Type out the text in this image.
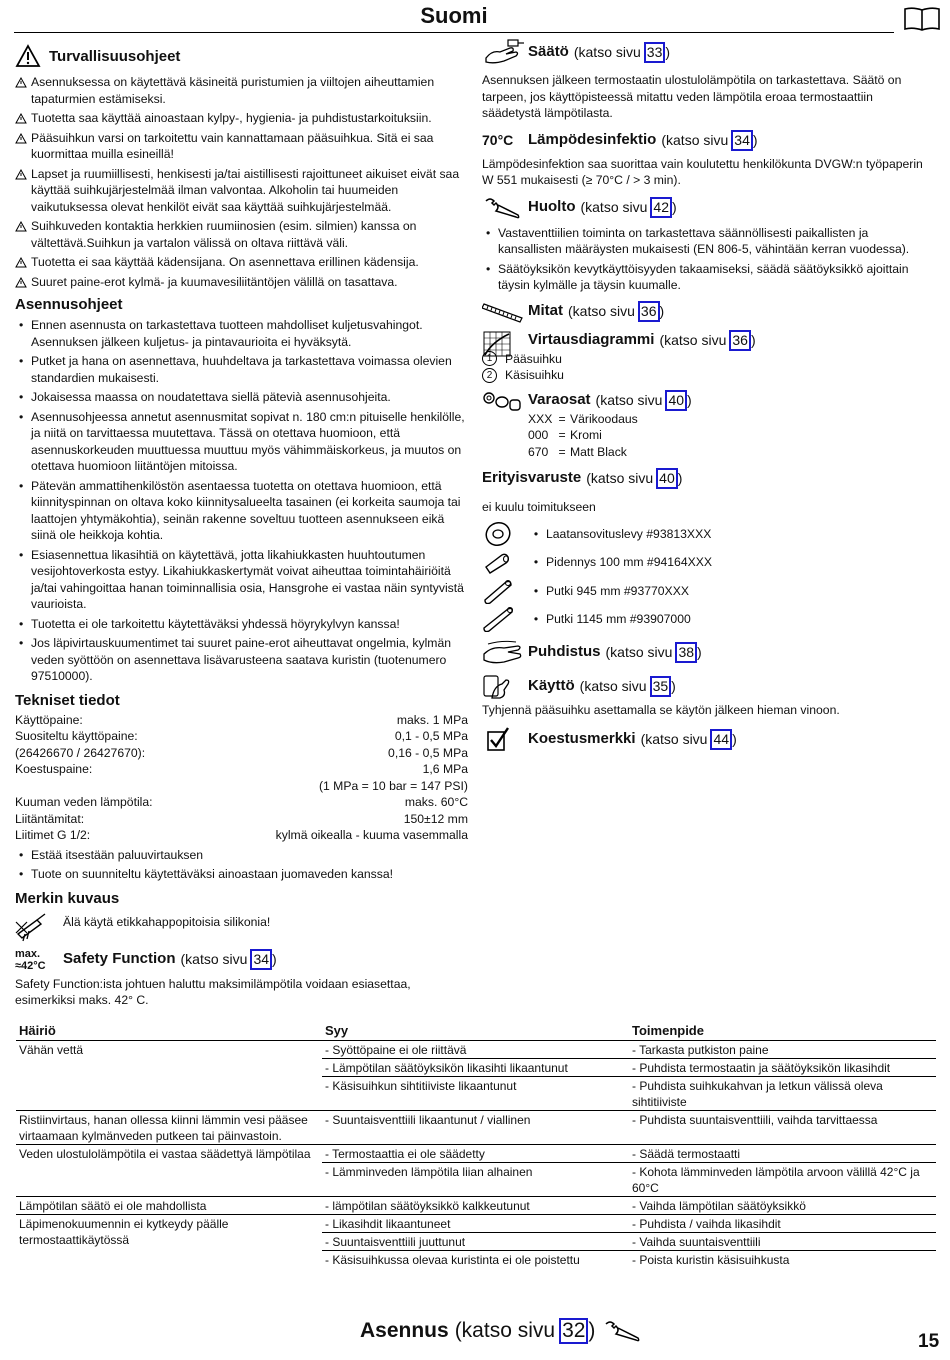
Suomi
Turvallisuusohjeet
Asennuksessa on käytettävä käsineitä puristumien ja viiltojen aiheuttamien tapaturmien estämiseksi.
Tuotetta saa käyttää ainoastaan kylpy-, hygienia- ja puhdistustarkoituksiin.
Pääsuihkun varsi on tarkoitettu vain kannattamaan pääsuihkua. Sitä ei saa kuormittaa muilla esineillä!
Lapset ja ruumiillisesti, henkisesti ja/tai aistillisesti rajoittuneet aikuiset eivät saa käyttää suihkujärjestelmää ilman valvontaa. Alkoholin tai huumeiden vaikutuksessa olevat henkilöt eivät saa käyttää suihkujärjestelmää.
Suihkuveden kontaktia herkkien ruumiinosien (esim. silmien) kanssa on vältettävä.Suihkun ja vartalon välissä on oltava riittävä väli.
Tuotetta ei saa käyttää kädensijana. On asennettava erillinen kädensija.
Suuret paine-erot kylmä- ja kuumavesiliitäntöjen välillä on tasattava.
Asennusohjeet
• Ennen asennusta on tarkastettava tuotteen mahdolliset kuljetusvahingot. Asennuksen jälkeen kuljetus- ja pintavaurioita ei hyväksytä.
• Putket ja hana on asennettava, huuhdeltava ja tarkastettava voimassa olevien standardien mukaisesti.
• Jokaisessa maassa on noudatettava siellä pätevià asennusohjeita.
• Asennusohjeessa annetut asennusmitat sopivat n. 180 cm:n pituiselle henkilölle, ja niitä on tarvittaessa muutettava. Tässä on otettava huomioon, että asennuskorkeuden muuttuessa muuttuu myös vähimmäiskorkeus, ja muutos on otettava huomioon liitäntöjen mitoissa.
• Pätevän ammattihenkilöstön asentaessa tuotetta on otettava huomioon, että kiinnityspinnan on oltava koko kiinnitysalueelta tasainen (ei korkeita saumoja tai laattojen yhtymäkohtia), seinän rakenne soveltuu tuotteen asennukseen eikä siinä ole heikkoja kohtia.
• Esiasennettua likasihtiä on käytettävä, jotta likahiukkasten huuhtoutumen vesijohtoverkosta estyy. Likahiukkaskertymät voivat aiheuttaa toimintahäiriöitä ja/tai vahingoittaa hanan toiminnallisia osia, Hansgrohe ei vastaa näin syntyvistä vaurioista.
• Tuotetta ei ole tarkoitettu käytettäväksi yhdessä höyrykylvyn kanssa!
• Jos läpivirtauskuumentimet tai suuret paine-erot aiheuttavat ongelmia, kylmän veden syöttöön on asennettava lisävarusteena saatava kuristin (tuotenumero 97510000).
Tekniset tiedot
Käyttöpaine:	maks. 1 MPa
Suositeltu käyttöpaine:	0,1 - 0,5 MPa
(26426670 / 26427670):	0,16 - 0,5 MPa
Koestuspaine:	1,6 MPa
(1 MPa = 10 bar = 147 PSI)
Kuuman veden lämpötila:	maks. 60°C
Liitäntämitat:	150±12 mm
Liitimet G 1/2:	kylmä oikealla - kuuma vasemmalla
• Estää itsestään paluuvirtauksen
• Tuote on suunniteltu käytettäväksi ainoastaan juomaveden kanssa!
Merkin kuvaus
Älä käytä etikkahappopitoisia silikonia!
max.
≈42°C	Safety Function (katso sivu 34 )

Safety Function:ista johtuen haluttu maksimilämpötila voidaan esiasettaa, esimerkiksi maks. 42° C.

Säätö (katso sivu 33 )

Asennuksen jälkeen termostaatin ulostulolämpötila on tarkastettava. Säätö on tarpeen, jos käyttöpisteessä mitattu veden lämpötila eroaa termostaattiin säädetystä lämpötilasta.

70°C Lämpödesinfektio (katso sivu 34 )

Lämpödesinfektion saa suorittaa vain koulutettu henkilökunta DVGW:n työpaperin W 551 mukaisesti (≥ 70°C / > 3 min).

Huolto (katso sivu 42 )
• Vastaventtiilien toiminta on tarkastettava säännöllisesti paikallisten ja kansallisten määräysten mukaisesti (EN 806-5, vähintään kerran vuodessa).
• Säätöyksikön kevytkäyttöisyyden takaamiseksi, säädä säätöyksikkö ajoittain täysin kylmälle ja täysin kuumalle.
Mitat (katso sivu 36 )
Virtausdiagrammi (katso sivu 36 )
1	Pääsuihku
2	Käsisuihku
Varaosat (katso sivu 40 )
XXX = Värikoodaus
000 = Kromi
670 = Matt Black
Erityisvaruste (katso sivu 40 )

ei kuulu toimitukseen

• Laatansovituslevy #93813XXX
• Pidennys 100 mm #94164XXX
• Putki 945 mm #93770XXX
• Putki 1145 mm #93907000
Puhdistus (katso sivu 38 )
Käyttö (katso sivu 35 )

Tyhjennä pääsuihku asettamalla se käytön jälkeen hieman vinoon.

Koestusmerkki (katso sivu 44 )
Häiriö	Syy	Toimenpide
Vähän vettä	- Syöttöpaine ei ole riittävä	- Tarkasta putkiston paine
	- Lämpötilan säätöyksikön likasihti likaantunut	- Puhdista termostaatin ja säätöyksikön likasihdit
	- Käsisuihkun sihtitiiviste likaantunut	- Puhdista suihkukahvan ja letkun välissä oleva sihtitiiviste
Ristiinvirtaus, hanan ollessa kiinni lämmin vesi pääsee virtaamaan kylmänveden putkeen tai päinvastoin.	- Suuntaisventtiili likaantunut / viallinen	- Puhdista suuntaisventtiili, vaihda tarvittaessa
Veden ulostulolämpötila ei vastaa säädettyä lämpötilaa	- Termostaattia ei ole säädetty	- Säädä termostaatti
	- Lämminveden lämpötila liian alhainen	- Kohota lämminveden lämpötila arvoon välillä 42°C ja 60°C
Lämpötilan säätö ei ole mahdollista	- lämpötilan säätöyksikkö kalkkeutunut	- Vaihda lämpötilan säätöyksikkö
Läpimenokuumennin ei kytkeydy päälle termostaattikäytössä	- Likasihdit likaantuneet	- Puhdista / vaihda likasihdit
	- Suuntaisventtiili juuttunut	- Vaihda suuntaisventtiili
	- Käsisuihkussa olevaa kuristinta ei ole poistettu	- Poista kuristin käsisuihkusta
Asennus (katso sivu 32 )	15
